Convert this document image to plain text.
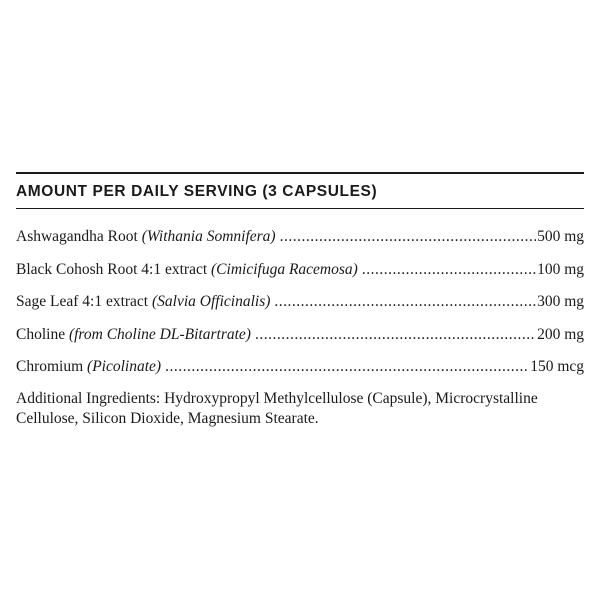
AMOUNT PER DAILY SERVING (3 CAPSULES)
Ashwagandha Root (Withania Somnifera) .....	500 mg
Black Cohosh Root 4:1 extract (Cimicifuga Racemosa) .....	100 mg
Sage Leaf 4:1 extract (Salvia Officinalis) .....	300 mg
Choline (from Choline DL-Bitartrate) .....	200 mg
Chromium (Picolinate) .....	150 mcg
Additional Ingredients: Hydroxypropyl Methylcellulose (Capsule), Microcrystalline Cellulose, Silicon Dioxide, Magnesium Stearate.
